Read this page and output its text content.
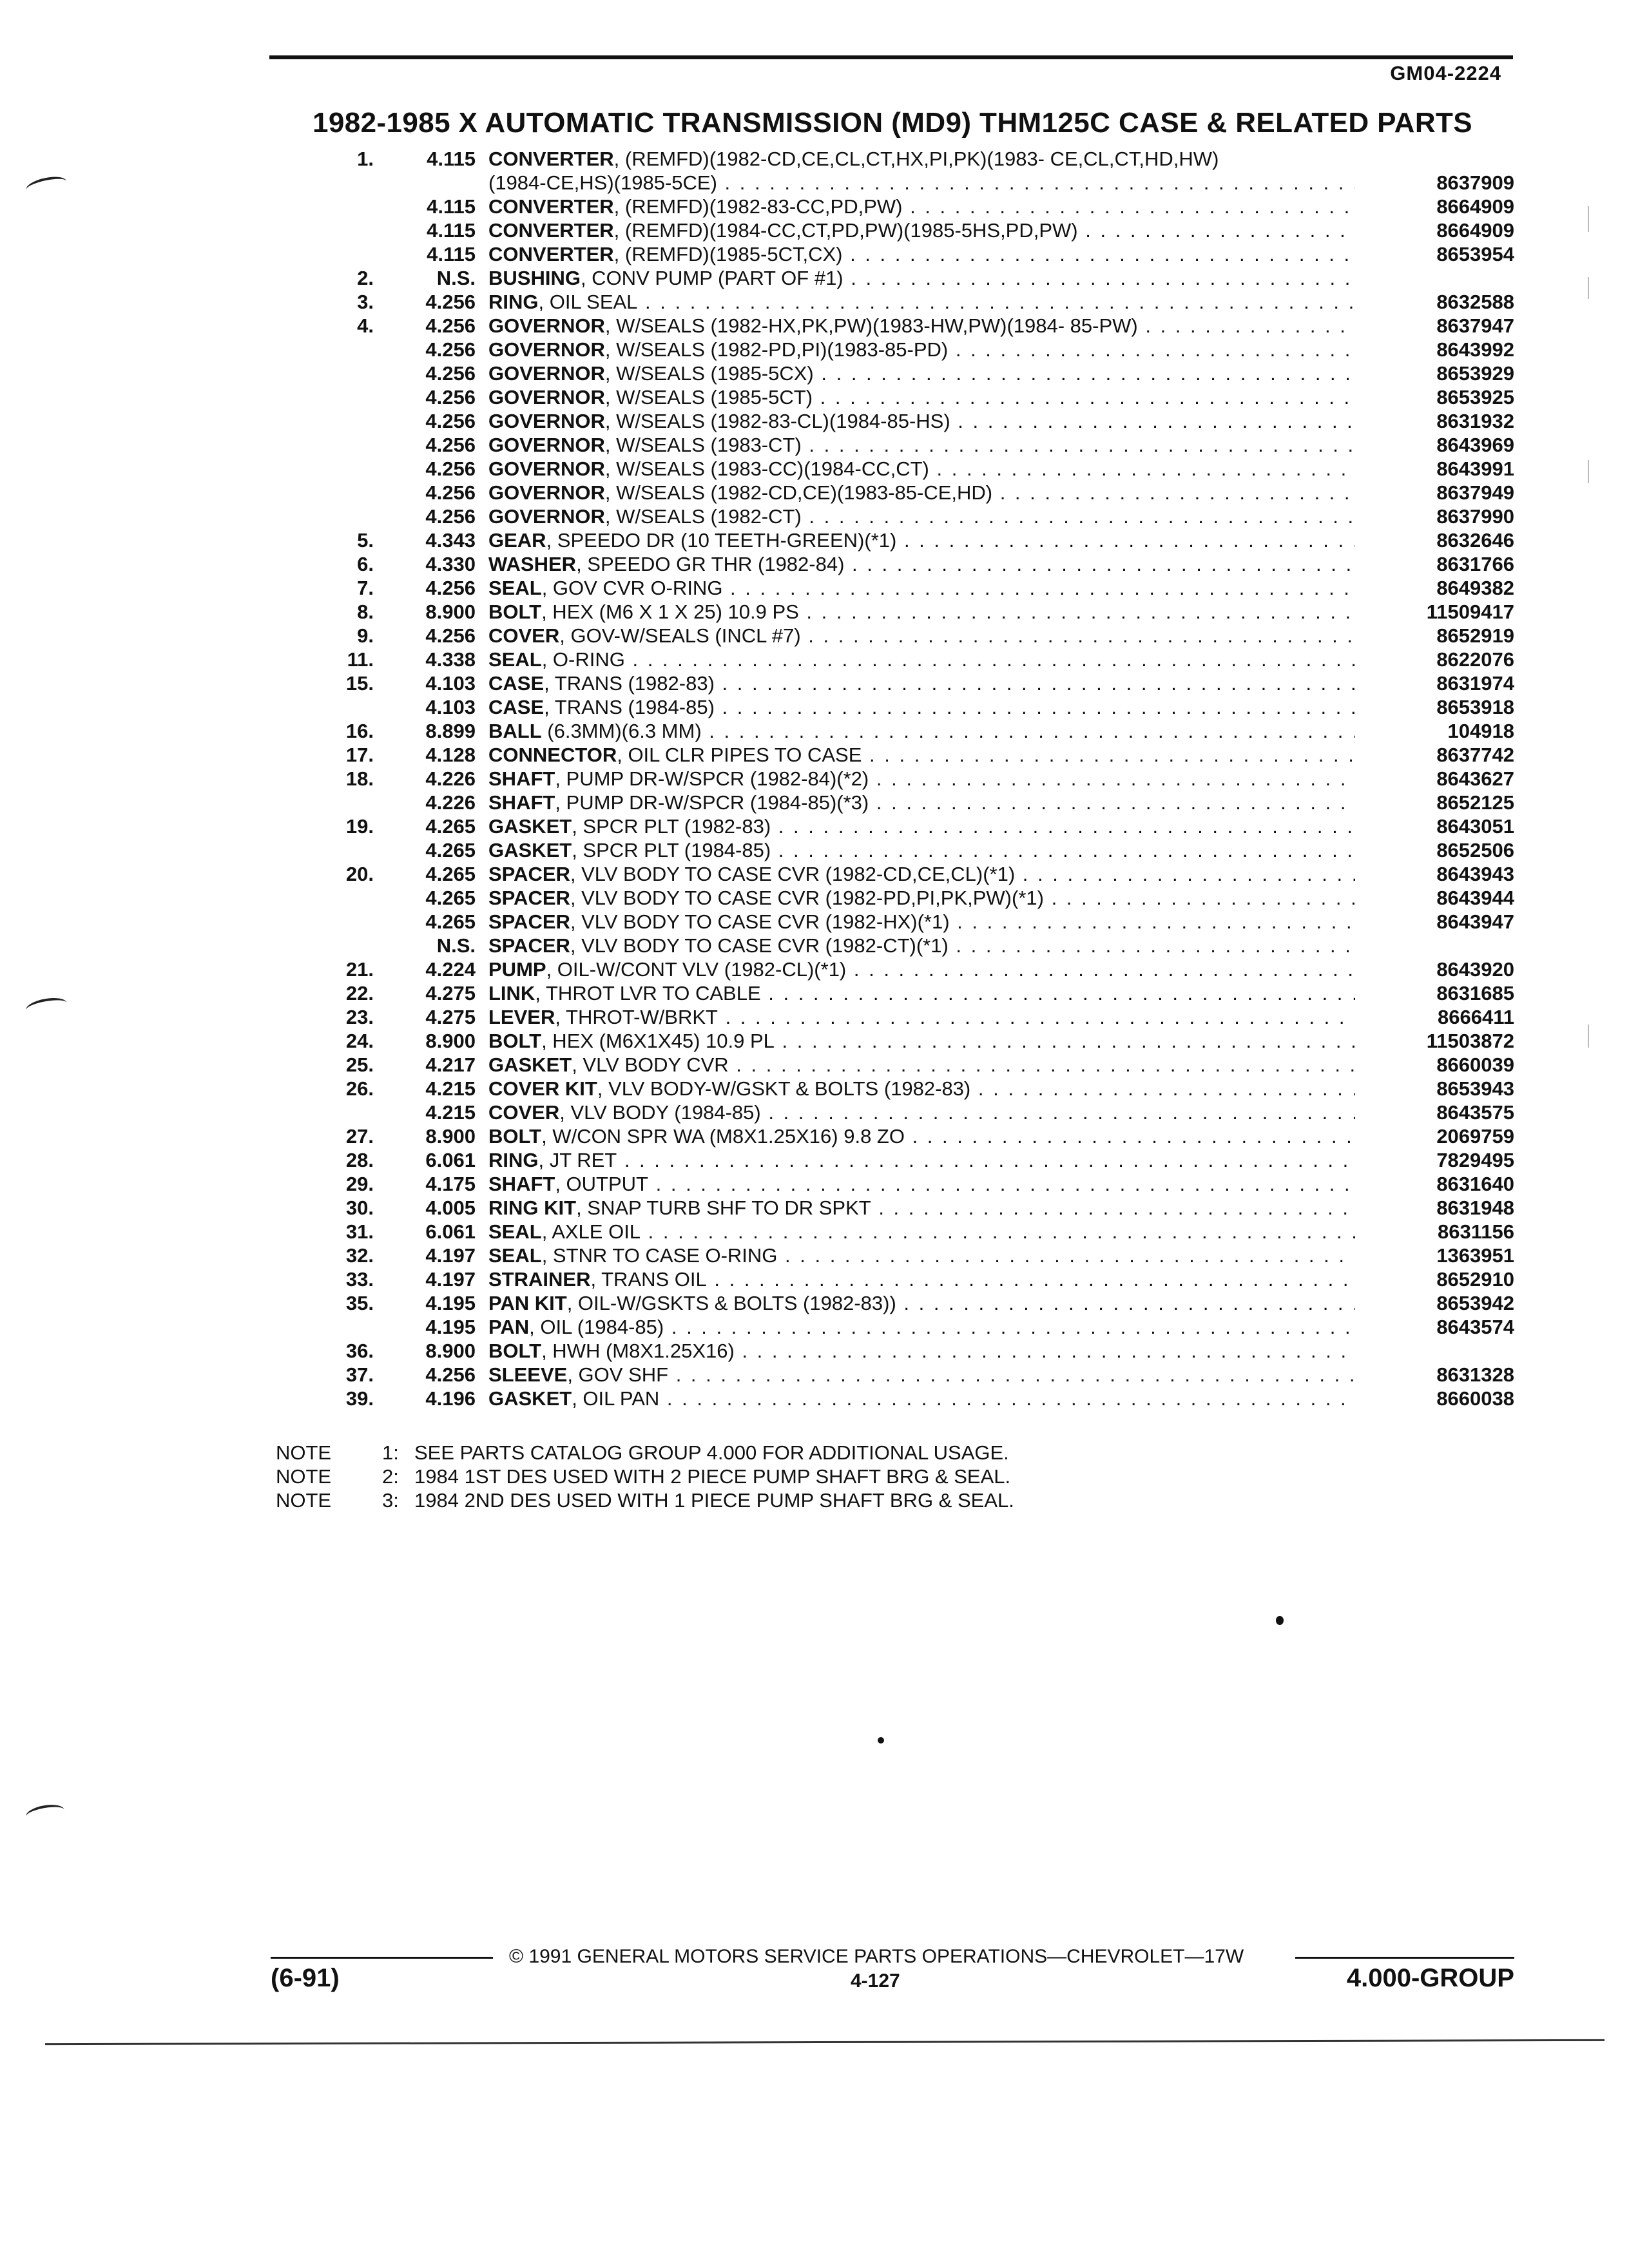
GM04-2224
1982-1985 X AUTOMATIC TRANSMISSION (MD9) THM125C CASE & RELATED PARTS
1.	4.115 CONVERTER, (REMFD)(1982-CD,CE,CL,CT,HX,PI,PK)(1983- CE,CL,CT,HD,HW)
(1984-CE,HS)(1985-5CE) . . .	8637909
4.115 CONVERTER, (REMFD)(1982-83-CC,PD,PW) . . .	8664909
4.115 CONVERTER, (REMFD)(1984-CC,CT,PD,PW)(1985-5HS,PD,PW) . . .	8664909
4.115 CONVERTER, (REMFD)(1985-5CT,CX) . . .	8653954
2.	N.S. BUSHING, CONV PUMP (PART OF #1) . . .
3.	4.256 RING, OIL SEAL . . .	8632588
4.	4.256 GOVERNOR, W/SEALS (1982-HX,PK,PW)(1983-HW,PW)(1984- 85-PW) . . .	8637947
4.256 GOVERNOR, W/SEALS (1982-PD,PI)(1983-85-PD) . . .	8643992
4.256 GOVERNOR, W/SEALS (1985-5CX) . . .	8653929
4.256 GOVERNOR, W/SEALS (1985-5CT) . . .	8653925
4.256 GOVERNOR, W/SEALS (1982-83-CL)(1984-85-HS) . . .	8631932
4.256 GOVERNOR, W/SEALS (1983-CT) . . .	8643969
4.256 GOVERNOR, W/SEALS (1983-CC)(1984-CC,CT) . . .	8643991
4.256 GOVERNOR, W/SEALS (1982-CD,CE)(1983-85-CE,HD) . . .	8637949
4.256 GOVERNOR, W/SEALS (1982-CT) . . .	8637990
5.	4.343 GEAR, SPEEDO DR (10 TEETH-GREEN)(*1) . . .	8632646
6.	4.330 WASHER, SPEEDO GR THR (1982-84) . . .	8631766
7.	4.256 SEAL, GOV CVR O-RING . . .	8649382
8.	8.900 BOLT, HEX (M6 X 1 X 25) 10.9 PS . . .	11509417
9.	4.256 COVER, GOV-W/SEALS (INCL #7) . . .	8652919
11.	4.338 SEAL, O-RING . . .	8622076
15.	4.103 CASE, TRANS (1982-83) . . .	8631974
4.103 CASE, TRANS (1984-85) . . .	8653918
16.	8.899 BALL (6.3MM)(6.3 MM) . . .	104918
17.	4.128 CONNECTOR, OIL CLR PIPES TO CASE . . .	8637742
18.	4.226 SHAFT, PUMP DR-W/SPCR (1982-84)(*2) . . .	8643627
4.226 SHAFT, PUMP DR-W/SPCR (1984-85)(*3) . . .	8652125
19.	4.265 GASKET, SPCR PLT (1982-83) . . .	8643051
4.265 GASKET, SPCR PLT (1984-85) . . .	8652506
20.	4.265 SPACER, VLV BODY TO CASE CVR (1982-CD,CE,CL)(*1) . . .	8643943
4.265 SPACER, VLV BODY TO CASE CVR (1982-PD,PI,PK,PW)(*1) . . .	8643944
4.265 SPACER, VLV BODY TO CASE CVR (1982-HX)(*1) . . .	8643947
N.S. SPACER, VLV BODY TO CASE CVR (1982-CT)(*1) . . .
21.	4.224 PUMP, OIL-W/CONT VLV (1982-CL)(*1) . . .	8643920
22.	4.275 LINK, THROT LVR TO CABLE . . .	8631685
23.	4.275 LEVER, THROT-W/BRKT . . .	8666411
24.	8.900 BOLT, HEX (M6X1X45) 10.9 PL . . .	11503872
25.	4.217 GASKET, VLV BODY CVR . . .	8660039
26.	4.215 COVER KIT, VLV BODY-W/GSKT & BOLTS (1982-83) . . .	8653943
4.215 COVER, VLV BODY (1984-85) . . .	8643575
27.	8.900 BOLT, W/CON SPR WA (M8X1.25X16) 9.8 ZO . . .	2069759
28.	6.061 RING, JT RET . . .	7829495
29.	4.175 SHAFT, OUTPUT . . .	8631640
30.	4.005 RING KIT, SNAP TURB SHF TO DR SPKT . . .	8631948
31.	6.061 SEAL, AXLE OIL . . .	8631156
32.	4.197 SEAL, STNR TO CASE O-RING . . .	1363951
33.	4.197 STRAINER, TRANS OIL . . .	8652910
35.	4.195 PAN KIT, OIL-W/GSKTS & BOLTS (1982-83)) . . .	8653942
4.195 PAN, OIL (1984-85) . . .	8643574
36.	8.900 BOLT, HWH (M8X1.25X16) . . .
37.	4.256 SLEEVE, GOV SHF . . .	8631328
39.	4.196 GASKET, OIL PAN . . .	8660038
NOTE	1: SEE PARTS CATALOG GROUP 4.000 FOR ADDITIONAL USAGE.
NOTE	2: 1984 1ST DES USED WITH 2 PIECE PUMP SHAFT BRG & SEAL.
NOTE	3: 1984 2ND DES USED WITH 1 PIECE PUMP SHAFT BRG & SEAL.
© 1991 GENERAL MOTORS SERVICE PARTS OPERATIONS—CHEVROLET—17W
(6-91)	4-127	4.000-GROUP
